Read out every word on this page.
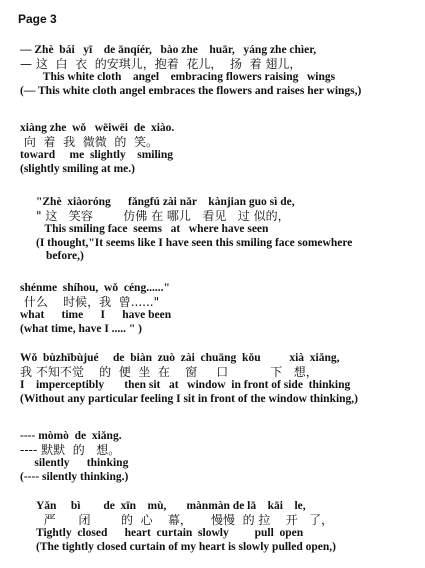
Page 3
— Zhè  bái   yī    de ānqíér,   bào zhe    huār,   yáng zhe chìer,
— 这  白  衣  的安琪儿，抱着  花儿，  扬  着 翅儿，
This white cloth    angel    embracing flowers raising   wings
(— This white cloth angel embraces the flowers and raises her wings,)
xiàng zhe  wǒ   wēiwēi  de  xiào.
向  着  我  微微  的  笑。
toward     me  slightly    smiling
(slightly smiling at me.)
"Zhè  xiàoróng      fǎngfú zài nǎr    kànjian guo sì de,
" 这   笑容        仿佛 在 哪儿   看见   过 似的，
This smiling face  seems   at   where have seen
(I thought,"It seems like I have seen this smiling face somewhere
before,)
shénme  shíhou,  wǒ  céng......"
什么    时候，我  曾......"
what      time      I      have been
(what time, have I ..... " )
Wǒ  bùzhībùjué     de  biàn  zuò  zài  chuāng  kǒu          xià  xiǎng,
我 不知不觉    的  便  坐  在    窗     口           下   想，
I    imperceptibly       then sit   at   window  in front of side  thinking
(Without any particular feeling I sit in front of the window thinking,)
---- mòmò  de  xiǎng.
---- 默默  的   想。
silently      thinking
(---- silently thinking.)
Yǎn     bì        de  xīn    mù,       mànmàn de lā    kāi    le,
严      闭        的  心    幕，     慢慢  的 拉    开   了，
Tightly  closed      heart  curtain  slowly         pull  open
(The tightly closed curtain of my heart is slowly pulled open,)
